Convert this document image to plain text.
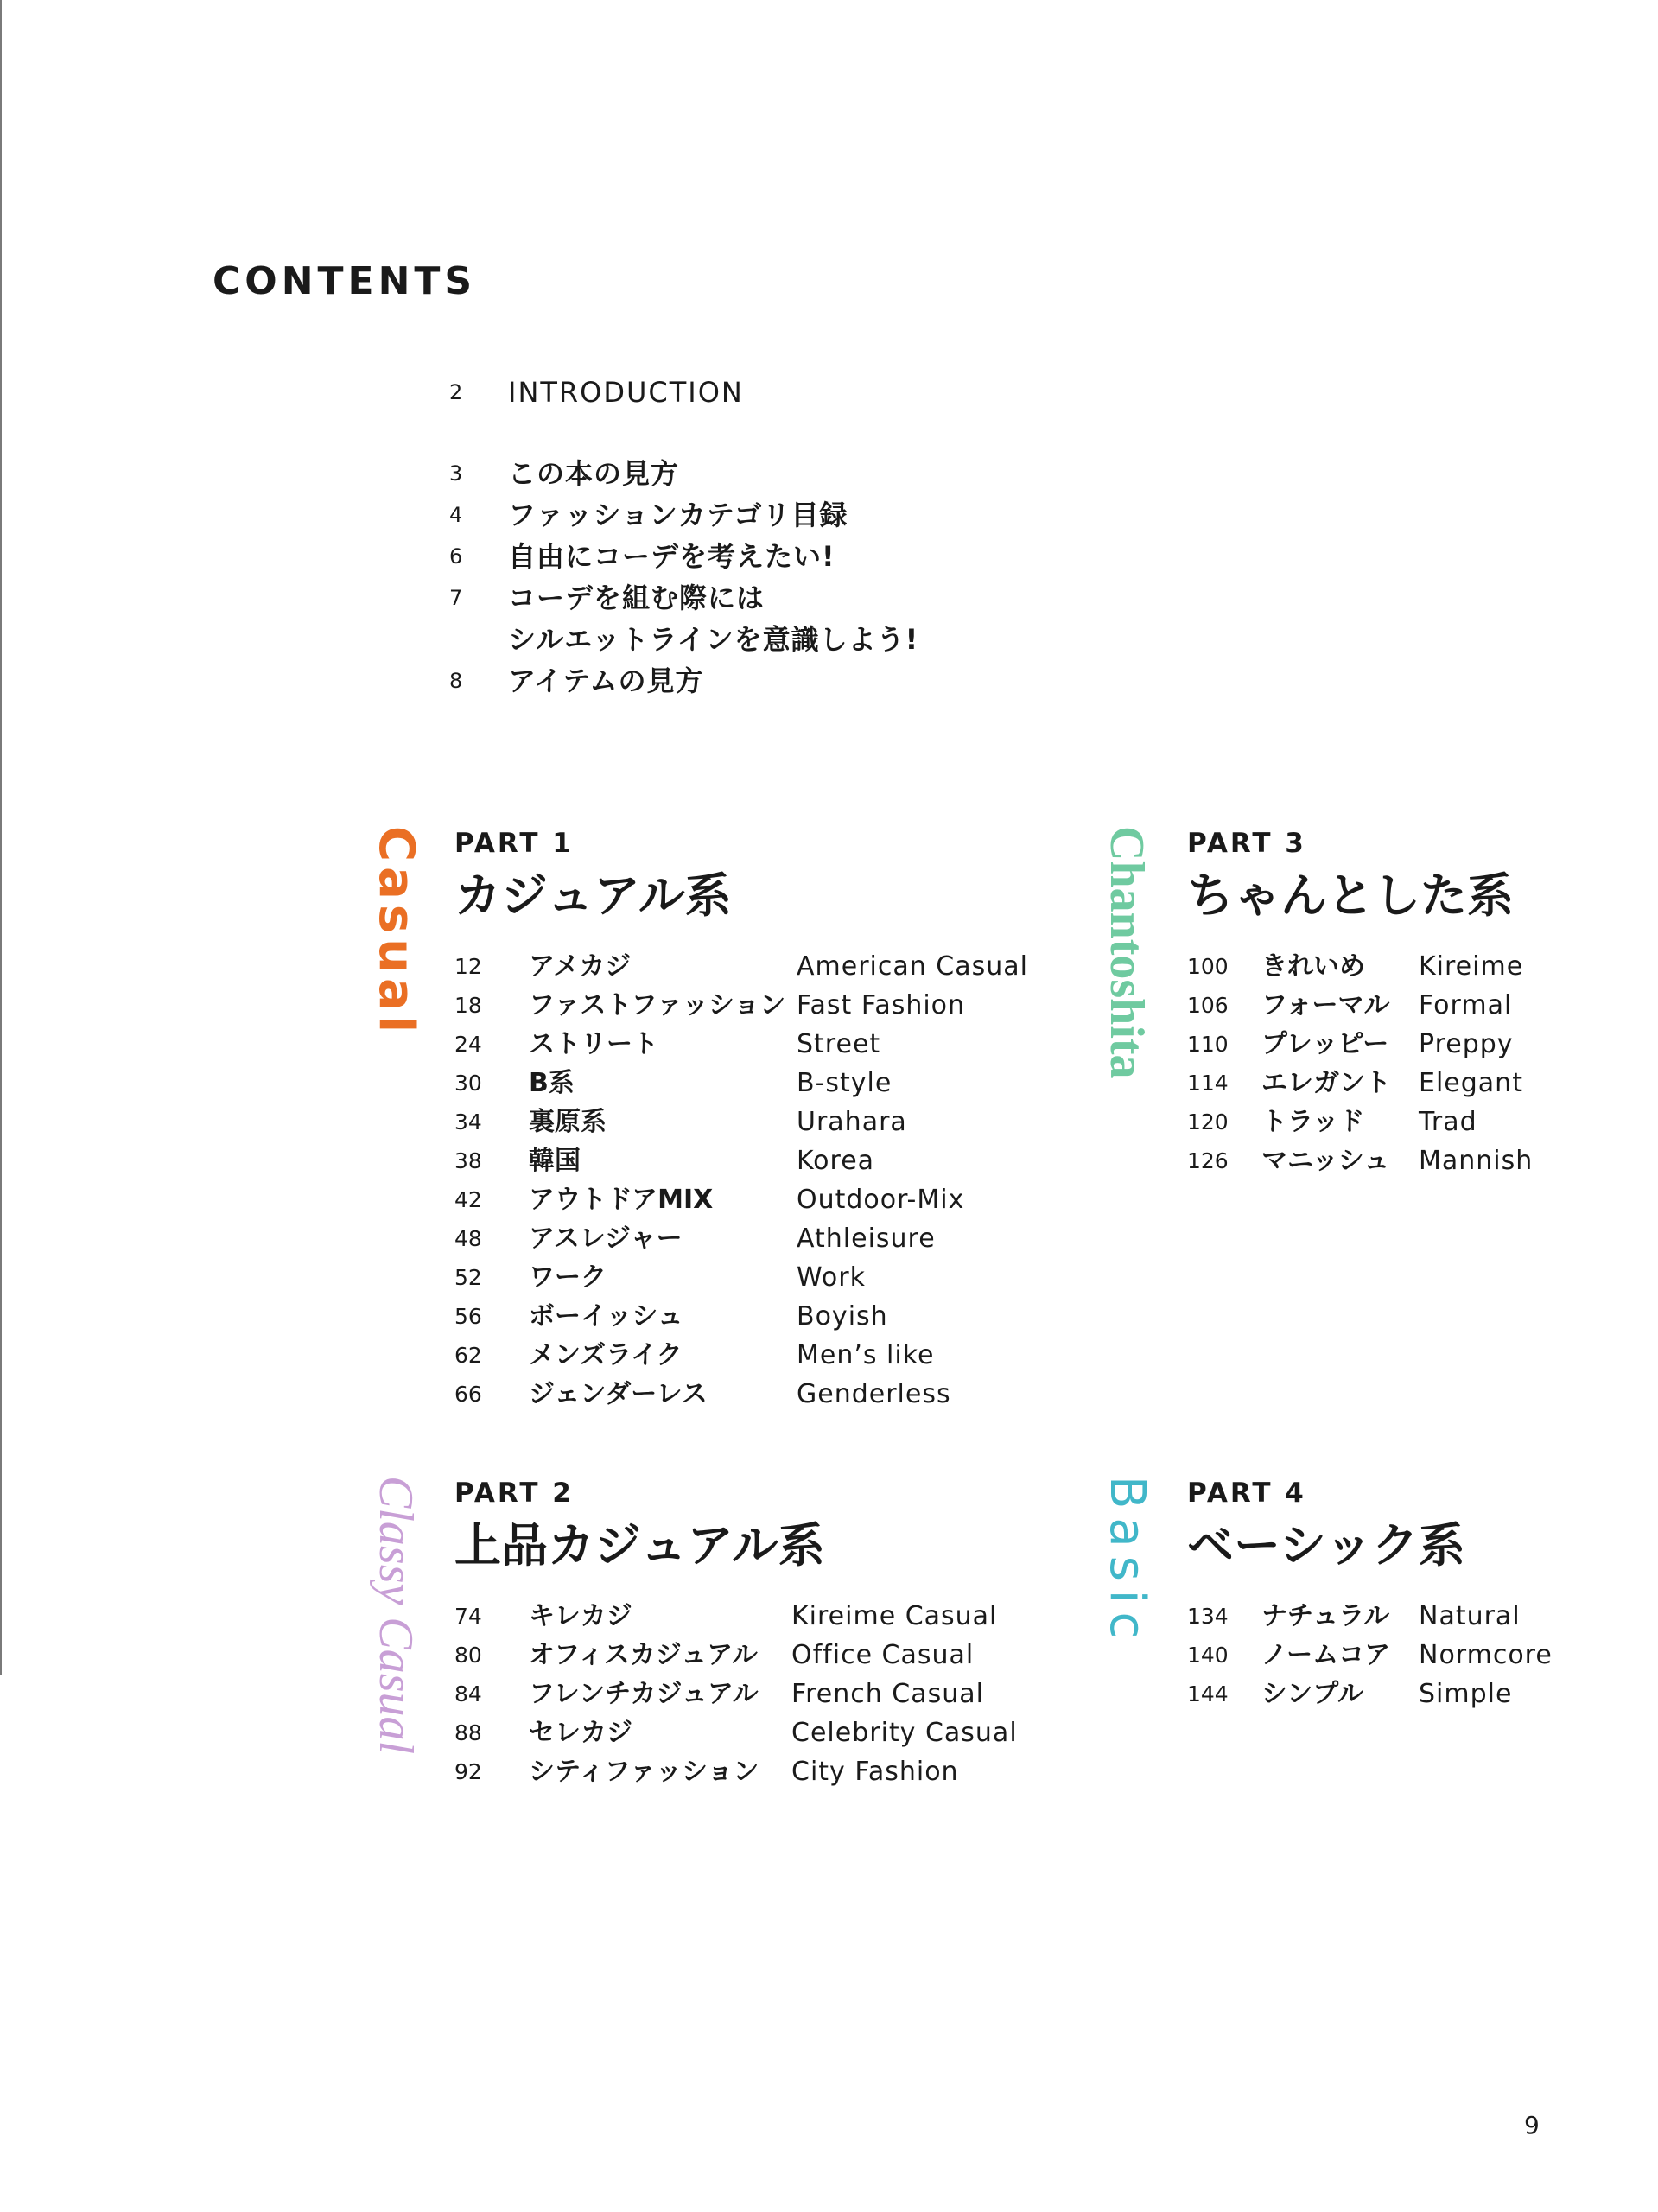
CONTENTS
2	INTRODUCTION
3	この本の見方
4	ファッションカテゴリ目録
6	自由にコーデを考えたい!
7	コーデを組む際には
シルエットラインを意識しよう!
8	アイテムの見方
Casual PART 1
カジュアル系
12 アメカジ	American Casual
18 ファストファッション Fast Fashion
24 ストリート	Street
30 B系	B-style
34 裏原系	Urahara
38 韓国	Korea
42 アウトドアMIX	Outdoor-Mix
48 アスレジャー	Athleisure
52 ワーク	Work
56 ボーイッシュ	Boyish
62 メンズライク	Men’s like
66 ジェンダーレス	Genderless
Classy Casual PART 2
上品カジュアル系
74 キレカジ	Kireime Casual
80 オフィスカジュアル Office Casual
84 フレンチカジュアル French Casual
88 セレカジ	Celebrity Casual
92 シティファッション City Fashion
Chantoshita PART 3
ちゃんとした系
100 きれいめ Kireime
106 フォーマル Formal
110 プレッピー Preppy
114 エレガント Elegant
120 トラッド Trad
126 マニッシュ Mannish
Basic PART 4
ベーシック系
134 ナチュラル Natural
140 ノームコア Normcore
144 シンプル Simple
9
